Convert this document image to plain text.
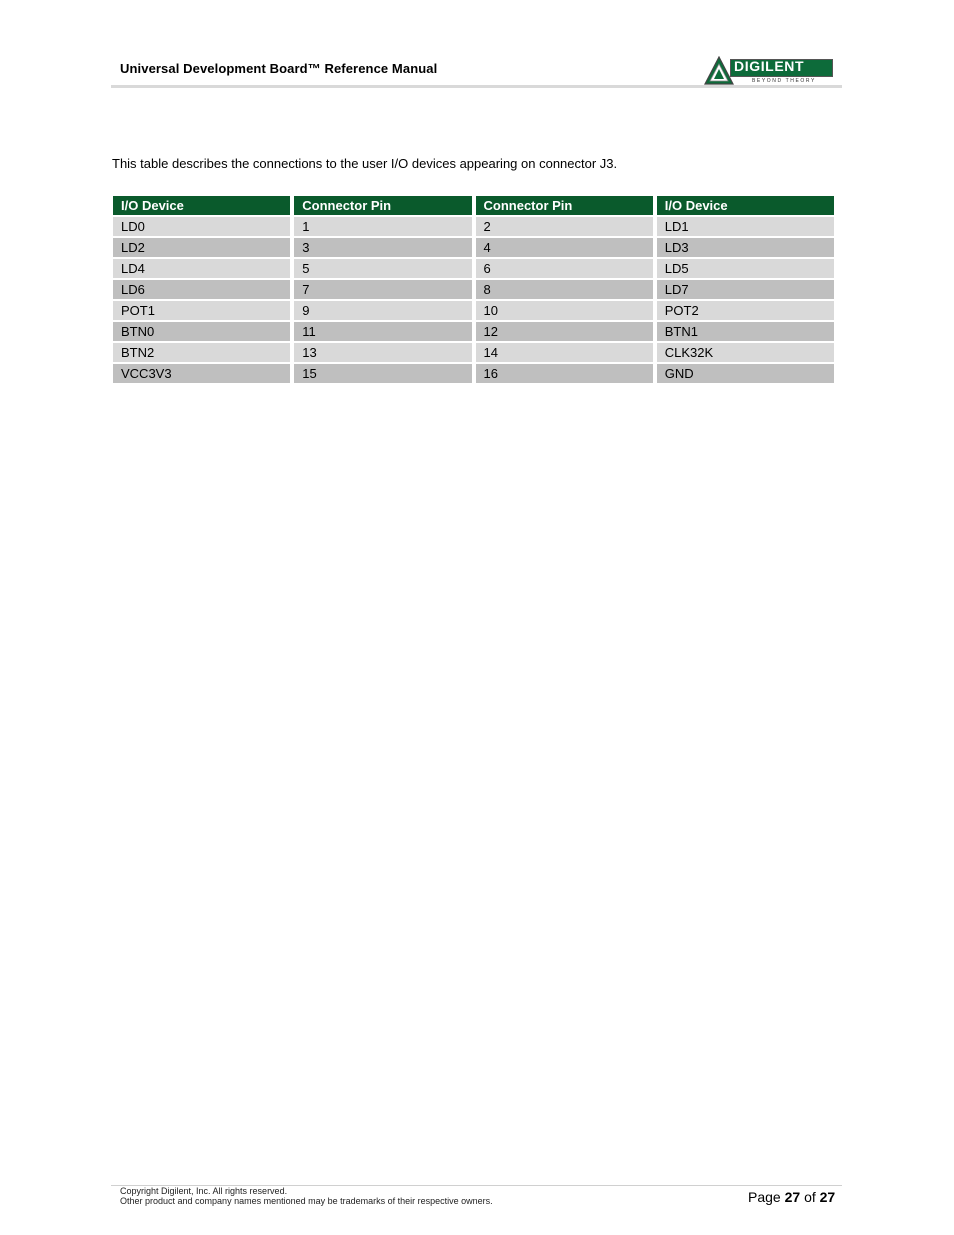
Universal Development Board™ Reference Manual	DIGILENT
BEYOND THEORY

This table describes the connections to the user I/O devices appearing on connector J3.

I/O Device	Connector Pin	Connector Pin	I/O Device
LD0	1	2	LD1
LD2	3	4	LD3
LD4	5	6	LD5
LD6	7	8	LD7
POT1	9	10	POT2
BTN0	11	12	BTN1
BTN2	13	14	CLK32K
VCC3V3	15	16	GND
Copyright Digilent, Inc. All rights reserved.
Other product and company names mentioned may be trademarks of their respective owners.	Page 27 of 27
